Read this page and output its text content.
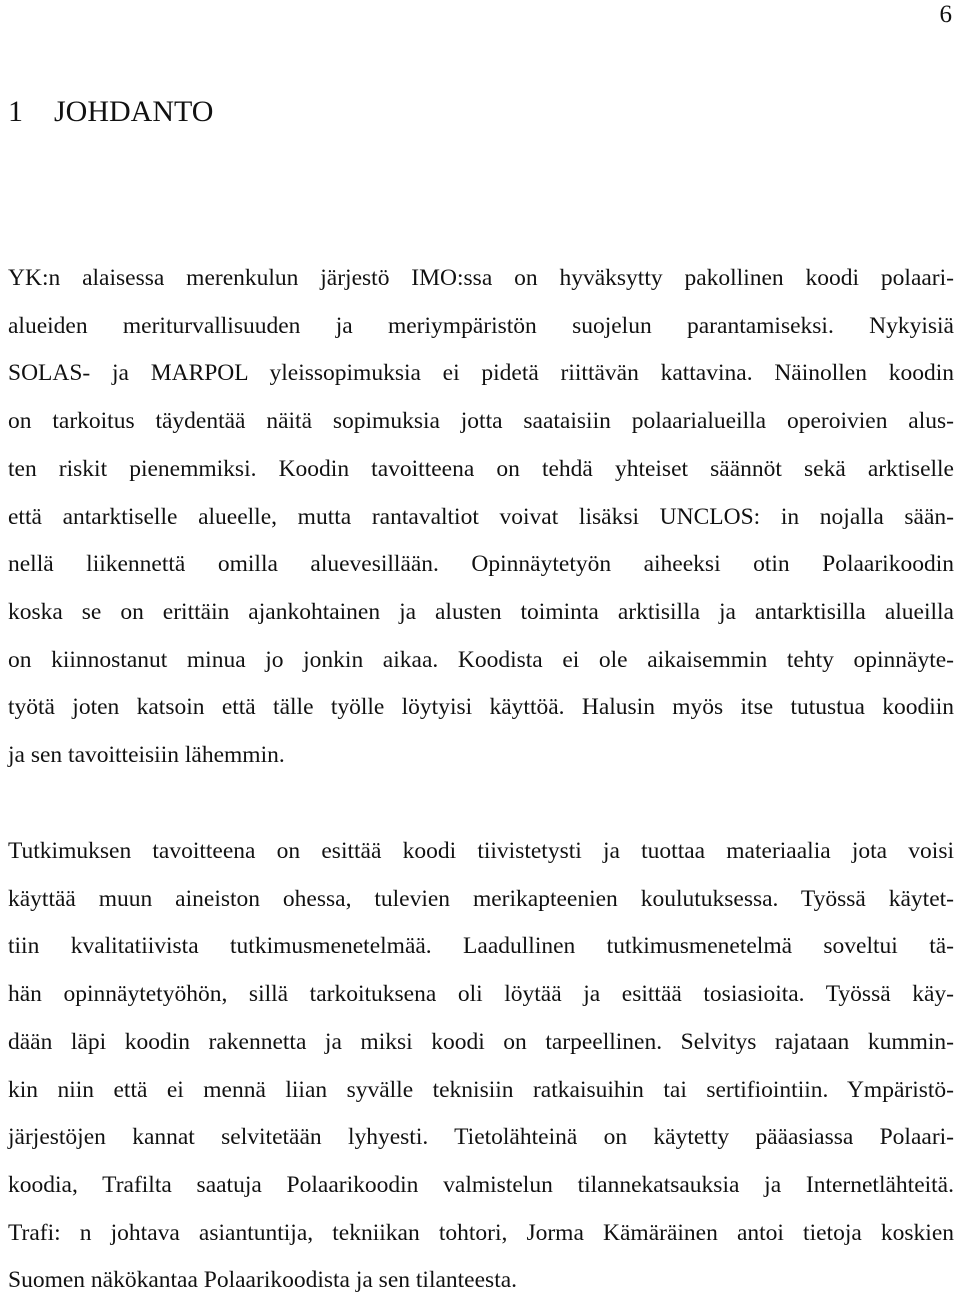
6
1 JOHDANTO
YK:n alaisessa merenkulun järjestö IMO:ssa on hyväksytty pakollinen koodi polaari-
alueiden meriturvallisuuden ja meriympäristön suojelun parantamiseksi. Nykyisiä
SOLAS- ja MARPOL yleissopimuksia ei pidetä riittävän kattavina. Näinollen koodin
on tarkoitus täydentää näitä sopimuksia jotta saataisiin polaarialueilla operoivien alus-
ten riskit pienemmiksi. Koodin tavoitteena on tehdä yhteiset säännöt sekä arktiselle
että antarktiselle alueelle, mutta rantavaltiot voivat lisäksi UNCLOS: in nojalla sään-
nellä liikennettä omilla aluevesillään. Opinnäytetyön aiheeksi otin Polaarikoodin
koska se on erittäin ajankohtainen ja alusten toiminta arktisilla ja antarktisilla alueilla
on kiinnostanut minua jo jonkin aikaa. Koodista ei ole aikaisemmin tehty opinnäyte-
työtä joten katsoin että tälle työlle löytyisi käyttöä. Halusin myös itse tutustua koodiin
ja sen tavoitteisiin lähemmin.
Tutkimuksen tavoitteena on esittää koodi tiivistetysti ja tuottaa materiaalia jota voisi
käyttää muun aineiston ohessa, tulevien merikapteenien koulutuksessa. Työssä käytet-
tiin kvalitatiivista tutkimusmenetelmää. Laadullinen tutkimusmenetelmä soveltui tä-
hän opinnäytetyöhön, sillä tarkoituksena oli löytää ja esittää tosiasioita. Työssä käy-
dään läpi koodin rakennetta ja miksi koodi on tarpeellinen. Selvitys rajataan kummin-
kin niin että ei mennä liian syvälle teknisiin ratkaisuihin tai sertifiointiin. Ympäristö-
järjestöjen kannat selvitetään lyhyesti. Tietolähteinä on käytetty pääasiassa Polaari-
koodia, Trafilta saatuja Polaarikoodin valmistelun tilannekatsauksia ja Internetlähteitä.
Trafi: n johtava asiantuntija, tekniikan tohtori, Jorma Kämäräinen antoi tietoja koskien
Suomen näkökantaa Polaarikoodista ja sen tilanteesta.
